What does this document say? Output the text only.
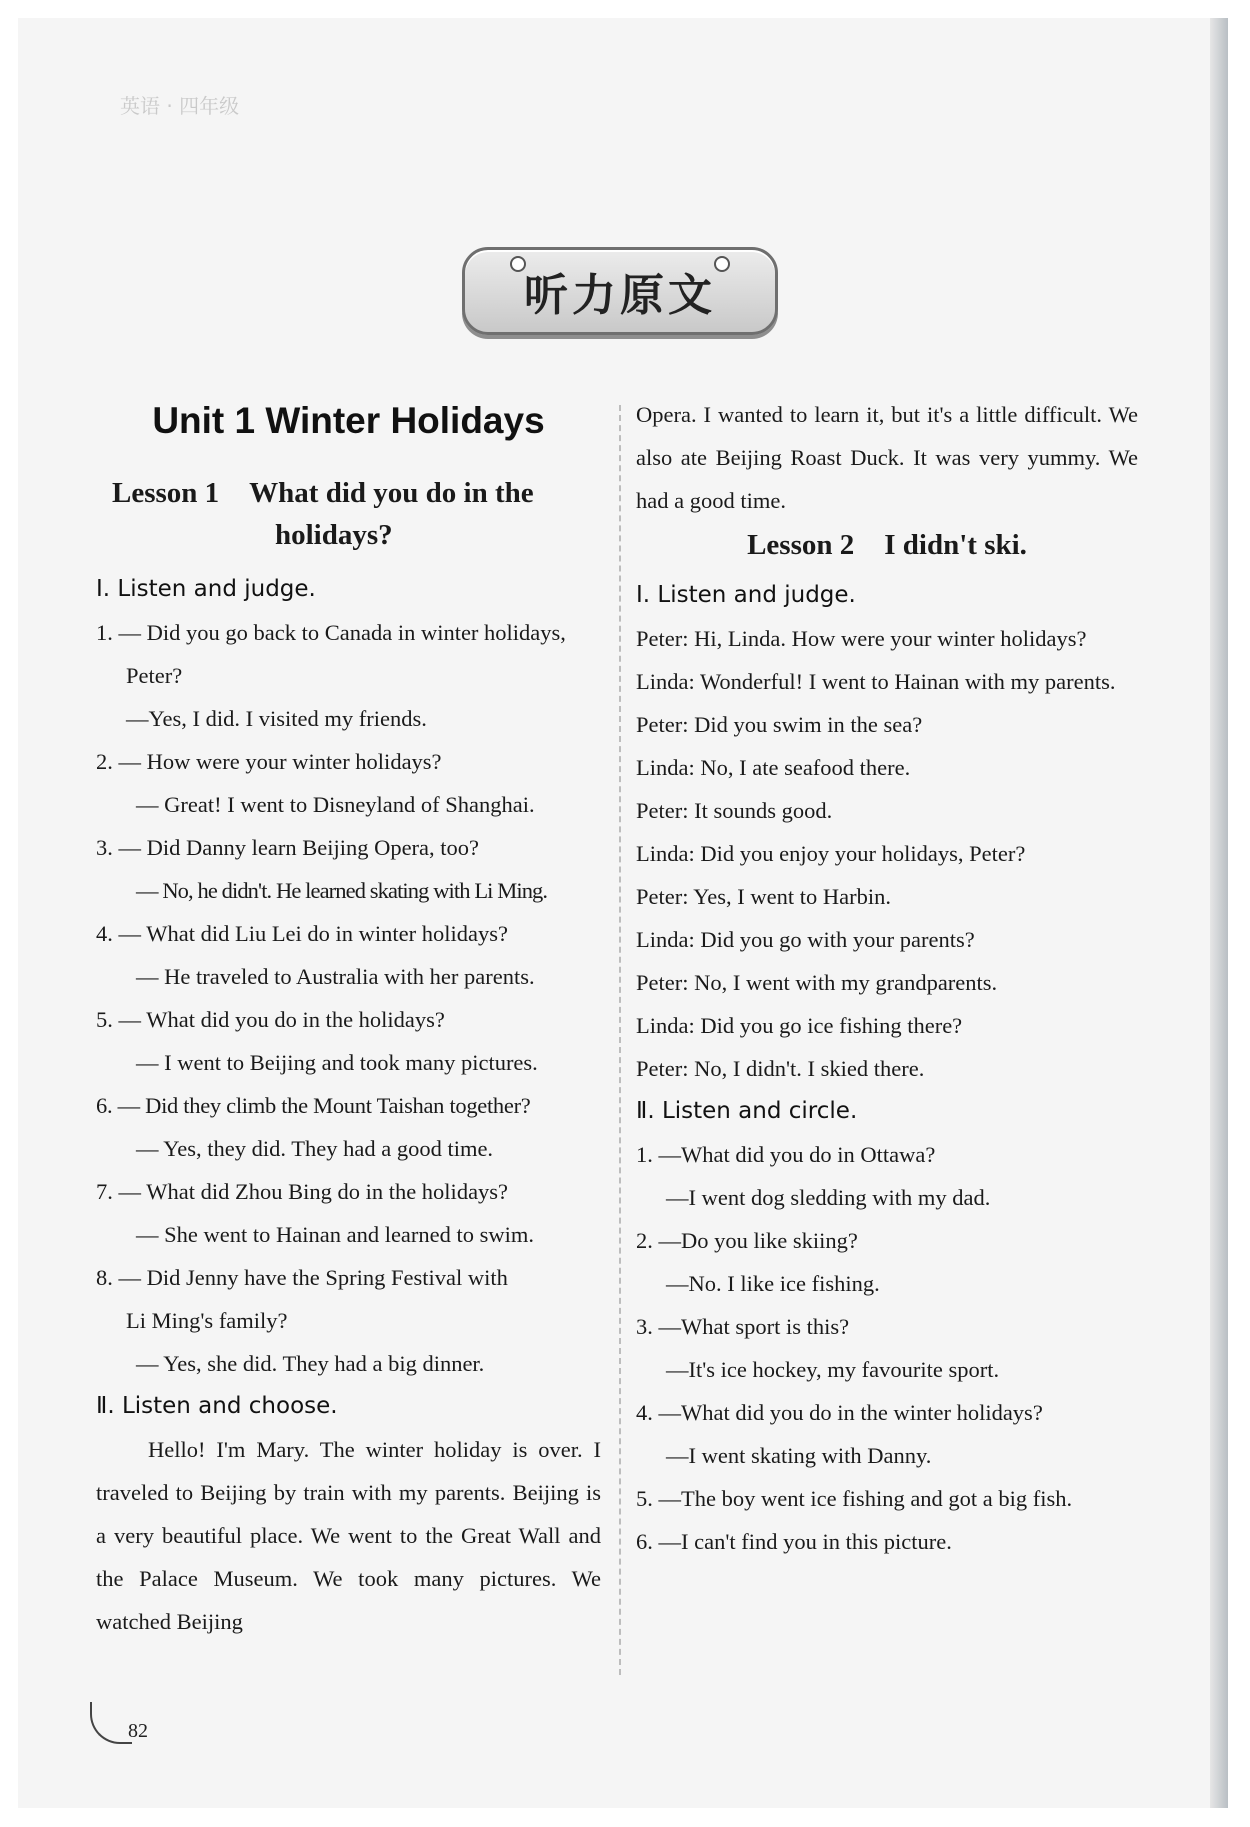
英语 · 四年级
听力原文
Unit 1 Winter Holidays
Lesson 1 What did you do in the
holidays?

Ⅰ. Listen and judge.

1. — Did you go back to Canada in winter holidays,

Peter?

—Yes, I did. I visited my friends.

2. — How were your winter holidays?

— Great! I went to Disneyland of Shanghai.

3. — Did Danny learn Beijing Opera, too?

— No, he didn't. He learned skating with Li Ming.

4. — What did Liu Lei do in winter holidays?

— He traveled to Australia with her parents.

5. — What did you do in the holidays?

— I went to Beijing and took many pictures.

6. — Did they climb the Mount Taishan together?

— Yes, they did. They had a good time.

7. — What did Zhou Bing do in the holidays?

— She went to Hainan and learned to swim.

8. — Did Jenny have the Spring Festival with

Li Ming's family?

— Yes, she did. They had a big dinner.

Ⅱ. Listen and choose.

Hello! I'm Mary. The winter holiday is over. I traveled to Beijing by train with my parents. Beijing is a very beautiful place. We went to the Great Wall and the Palace Museum. We took many pictures. We watched Beijing

Opera. I wanted to learn it, but it's a little difficult. We also ate Beijing Roast Duck. It was very yummy. We had a good time.

Lesson 2 I didn't ski.

Ⅰ. Listen and judge.

Peter: Hi, Linda. How were your winter holidays?

Linda: Wonderful! I went to Hainan with my parents.

Peter: Did you swim in the sea?

Linda: No, I ate seafood there.

Peter: It sounds good.

Linda: Did you enjoy your holidays, Peter?

Peter: Yes, I went to Harbin.

Linda: Did you go with your parents?

Peter: No, I went with my grandparents.

Linda: Did you go ice fishing there?

Peter: No, I didn't. I skied there.

Ⅱ. Listen and circle.

1. —What did you do in Ottawa?

—I went dog sledding with my dad.

2. —Do you like skiing?

—No. I like ice fishing.

3. —What sport is this?

—It's ice hockey, my favourite sport.

4. —What did you do in the winter holidays?

—I went skating with Danny.

5. —The boy went ice fishing and got a big fish.

6. —I can't find you in this picture.

82
